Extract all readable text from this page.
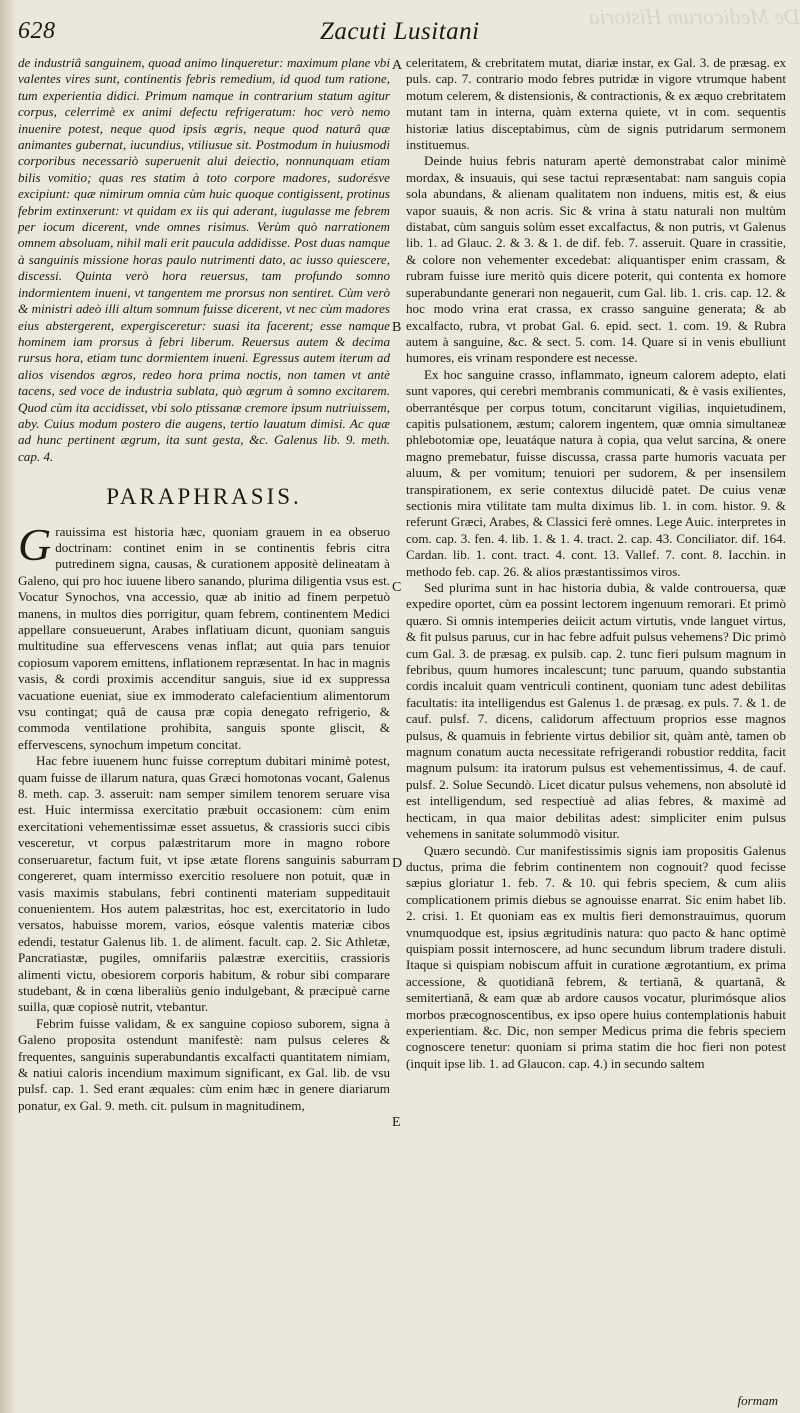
De Medicorum Historia
628	Zacuti Lusitani
A
B
C
D
E

de industriâ sanguinem, quoad animo linqueretur: maximum plane vbi valentes vires sunt, continentis febris remedium, id quod tum ratione, tum experientia didici. Primum namque in contrarium statum agitur corpus, celerrimè ex animi defectu refrigeratum: hoc verò nemo inuenire potest, neque quod ipsis ægris, neque quod naturâ quæ animantes gubernat, iucundius, vtiliusue sit. Postmodum in huiusmodi corporibus necessariò superuenit alui deiectio, nonnunquam etiam bilis vomitio; quas res statim à toto corpore madores, sudorésve excipiunt: quæ nimirum omnia cùm huic quoque contigissent, protinus febrim extinxerunt: vt quidam ex iis qui aderant, iugulasse me febrem per iocum dicerent, vnde omnes risimus. Verùm quò narrationem omnem absoluam, nihil mali erit paucula addidisse. Post duas namque à sanguinis missione horas paulo nutrimenti dato, ac iusso quiescere, discessi. Quinta verò hora reuersus, tam profundo somno indormientem inueni, vt tangentem me prorsus non sentiret. Cùm verò & ministri adeò illi altum somnum fuisse dicerent, vt nec cùm madores eius abstergerent, expergisceretur: suasi ita facerent; esse namque hominem iam prorsus à febri liberum. Reuersus autem & decima rursus hora, etiam tunc dormientem inueni. Egressus autem iterum ad alios visendos ægros, redeo hora prima noctis, non tamen vt antè tacens, sed voce de industria sublata, quò ægrum à somno excitarem. Quod cùm ita accidisset, vbi solo ptissanæ cremore ipsum nutriuissem, aby. Cuius modum postero die augens, tertio lauatum dimisi. Ac quæ ad hunc pertinent ægrum, ita sunt gesta, &c. Galenus lib. 9. meth. cap. 4.

PARAPHRASIS.

Grauissima est historia hæc, quoniam grauem in ea obseruo doctrinam: continet enim in se continentis febris citra putredinem signa, causas, & curationem appositè delineatam à Galeno, qui pro hoc iuuene libero sanando, plurima diligentia vsus est. Vocatur Synochos, vna accessio, quæ ab initio ad finem perpetuò manens, in multos dies porrigitur, quam febrem, continentem Medici appellare consueuerunt, Arabes inflatiuam dicunt, quoniam sanguis multitudine sua effervescens venas inflat; aut quia pars tenuior copiosum vaporem emittens, inflationem repræsentat. In hac in magnis vasis, & cordi proximis accenditur sanguis, siue id ex suppressa vacuatione eueniat, siue ex immoderato calefacientium alimentorum vsu contingat; quâ de causa præ copia denegato refrigerio, & commoda ventilatione prohibita, sanguis sponte gliscit, & effervescens, synochum impetum concitat.

Hac febre iuuenem hunc fuisse correptum dubitari minimè potest, quam fuisse de illarum natura, quas Græci homotonas vocant, Galenus 8. meth. cap. 3. asseruit: nam semper similem tenorem seruare visa est. Huic intermissa exercitatio præbuit occasionem: cùm enim exercitationi vehementissimæ esset assuetus, & crassioris succi cibis vesceretur, vt corpus palæstritarum more in magno robore conseruaretur, factum fuit, vt ipse ætate florens sanguinis saburram congereret, quam intermisso exercitio resoluere non potuit, quæ in vasis maximis stabulans, febri continenti materiam suppeditauit conuenientem. Hos autem palæstritas, hoc est, exercitatorio in ludo versatos, habuisse morem, varios, eósque valentis materiæ cibos edendi, testatur Galenus lib. 1. de aliment. facult. cap. 2. Sic Athletæ, Pancratiastæ, pugiles, omnifariis palæstræ exercitiis, crassioris alimenti victu, obesiorem corporis habitum, & robur sibi comparare studebant, & in cœna liberaliùs genio indulgebant, & præcipuè carne suilla, quæ copiosè nutrit, vtebantur.

Febrim fuisse validam, & ex sanguine copioso suborem, signa à Galeno proposita ostendunt manifestè: nam pulsus celeres & frequentes, sanguinis superabundantis excalfacti quantitatem nimiam, & natiui caloris incendium maximum significant, ex Gal. lib. de vsu pulsf. cap. 1. Sed erant æquales: cùm enim hæc in genere diariarum ponatur, ex Gal. 9. meth. cit. pulsum in magnitudinem,

celeritatem, & crebritatem mutat, diariæ instar, ex Gal. 3. de præsag. ex puls. cap. 7. contrario modo febres putridæ in vigore vtrumque habent motum celerem, & distensionis, & contractionis, & ex æquo crebritatem mutant tam in interna, quàm externa quiete, vt in com. sequentis historiæ latius disceptabimus, cùm de signis putridarum sermonem instituemus.

Deinde huius febris naturam apertè demonstrabat calor minimè mordax, & insuauis, qui sese tactui repræsentabat: nam sanguis copia sola abundans, & alienam qualitatem non induens, mitis est, & eius vapor suauis, & non acris. Sic & vrina à statu naturali non multùm distabat, cùm sanguis solùm esset excalfactus, & non putris, vt Galenus lib. 1. ad Glauc. 2. & 3. & 1. de dif. feb. 7. asseruit. Quare in crassitie, & colore non vehementer excedebat: aliquantisper enim crassam, & rubram fuisse iure meritò quis dicere poterit, qui contenta ex homore superabundante generari non negauerit, cum Gal. lib. 1. cris. cap. 12. & hoc modo vrina erat crassa, ex crasso sanguine generata; & ab excalfacto, rubra, vt probat Gal. 6. epid. sect. 1. com. 19. & Rubra autem à sanguine, &c. & sect. 5. com. 14. Quare si in venis ebulliunt humores, eis vrinam respondere est necesse.

Ex hoc sanguine crasso, inflammato, igneum calorem adepto, elati sunt vapores, qui cerebri membranis communicati, & è vasis exilientes, oberrantésque per corpus totum, concitarunt vigilias, inquietudinem, capitis pulsationem, æstum; calorem ingentem, quæ omnia simultaneæ phlebotomiæ ope, leuatáque natura à copia, qua velut sarcina, & onere magno premebatur, fuisse discussa, crassa parte humoris vacuata per aluum, & per vomitum; tenuiori per sudorem, & per insensilem transpirationem, ex serie contextus dilucidè patet. De cuius venæ sectionis mira vtilitate tam multa diximus lib. 1. in com. histor. 9. & referunt Græci, Arabes, & Classici ferè omnes. Lege Auic. interpretes in com. cap. 3. fen. 4. lib. 1. & 1. 4. tract. 2. cap. 43. Conciliator. dif. 164. Cardan. lib. 1. cont. tract. 4. cont. 13. Vallef. 7. cont. 8. Iacchin. in methodo feb. cap. 26. & alios præstantissimos viros.

Sed plurima sunt in hac historia dubia, & valde controuersa, quæ expedire oportet, cùm ea possint lectorem ingenuum remorari. Et primò quæro. Si omnis intemperies deiicit actum virtutis, vnde languet virtus, & fit pulsus paruus, cur in hac febre adfuit pulsus vehemens? Dic primò cum Gal. 3. de præsag. ex pulsib. cap. 2. tunc fieri pulsum magnum in febribus, quum humores incalescunt; tunc paruum, quando substantia cordis incaluit quam ventriculi continent, quoniam tunc adest debilitas facultatis: ita intelligendus est Galenus 1. de præsag. ex puls. 7. & 1. de cauf. pulsf. 7. dicens, calidorum affectuum proprios esse magnos pulsus, & quamuis in febriente virtus debilior sit, quàm antè, tamen ob magnum conatum aucta necessitate refrigerandi robustior reddita, facit magnum pulsum: ita iratorum pulsus est vehementissimus, 4. de cauf. pulsf. 2. Solue Secundò. Licet dicatur pulsus vehemens, non absolutè id est intelligendum, sed respectiuè ad alias febres, & maximè ad hecticam, in qua maior debilitas adest: simpliciter enim pulsus vehemens in sanitate solummodò visitur.

Quæro secundò. Cur manifestissimis signis iam propositis Galenus ductus, prima die febrim continentem non cognouit? quod fecisse sæpius gloriatur 1. feb. 7. & 10. qui febris speciem, & cum aliis complicationem primis diebus se agnouisse enarrat. Sic enim habet lib. 2. crisi. 1. Et quoniam eas ex multis fieri demonstrauimus, quorum vnumquodque est, ipsius ægritudinis natura: quo pacto & hanc optimè quispiam possit internoscere, ad hunc secundum librum tradere distuli. Itaque si quispiam nobiscum affuit in curatione ægrotantium, ex prima accessione, & quotidianã febrem, & tertianã, & quartanã, & semitertianã, & eam quæ ab ardore causos vocatur, plurimósque alios morbos præcognoscentibus, ex ipso opere huius contemplationis habuit experientiam. &c. Dic, non semper Medicus prima die febris speciem cognoscere tenetur: quoniam si prima statim die hoc fieri non potest (inquit ipse lib. 1. ad Glaucon. cap. 4.) in secundo saltem

formam
